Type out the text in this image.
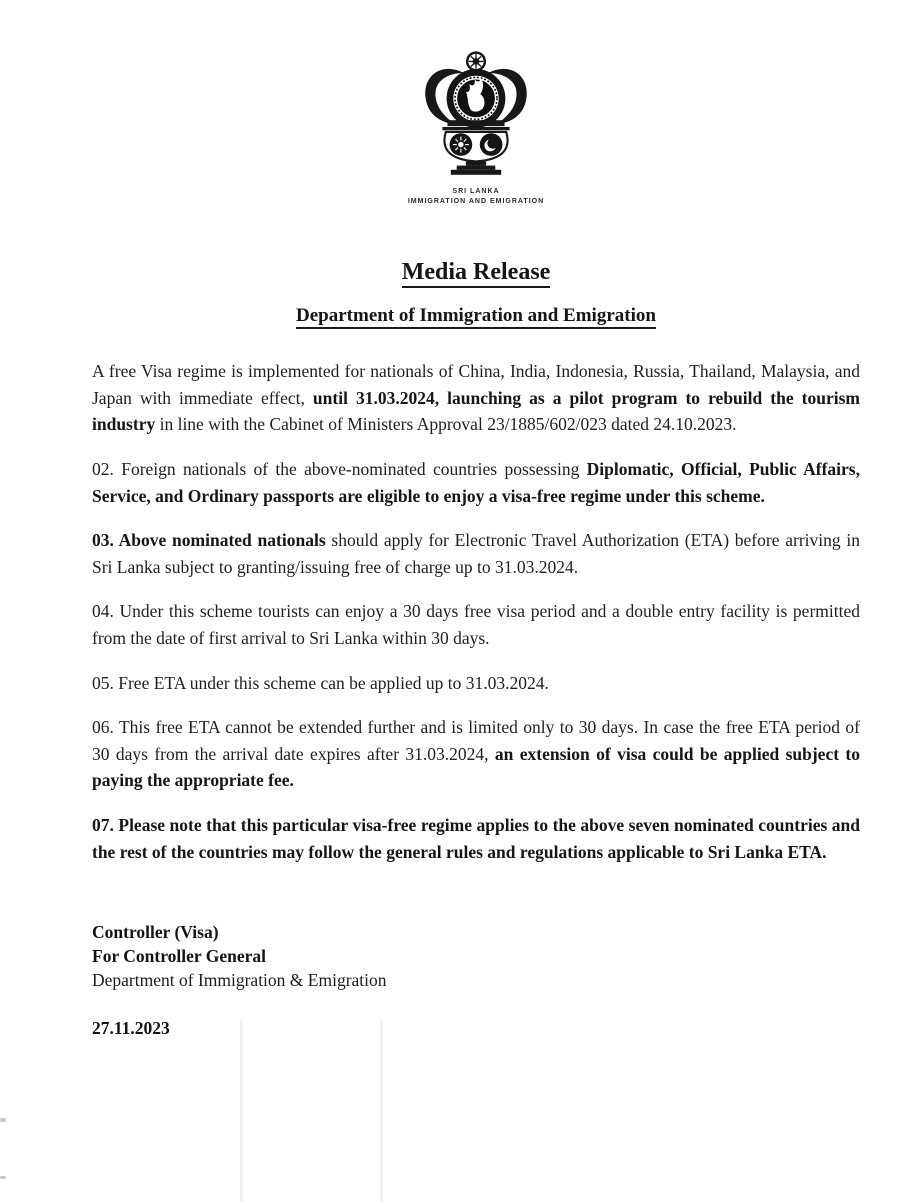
SRI LANKA
IMMIGRATION AND EMIGRATION
Media Release
Department of Immigration and Emigration

A free Visa regime is implemented for nationals of China, India, Indonesia, Russia, Thailand, Malaysia, and Japan with immediate effect, until 31.03.2024, launching as a pilot program to rebuild the tourism industry in line with the Cabinet of Ministers Approval 23/1885/602/023 dated 24.10.2023.

02. Foreign nationals of the above-nominated countries possessing Diplomatic, Official, Public Affairs, Service, and Ordinary passports are eligible to enjoy a visa-free regime under this scheme.

03. Above nominated nationals should apply for Electronic Travel Authorization (ETA) before arriving in Sri Lanka subject to granting/issuing free of charge up to 31.03.2024.

04. Under this scheme tourists can enjoy a 30 days free visa period and a double entry facility is permitted from the date of first arrival to Sri Lanka within 30 days.

05. Free ETA under this scheme can be applied up to 31.03.2024.

06. This free ETA cannot be extended further and is limited only to 30 days. In case the free ETA period of 30 days from the arrival date expires after 31.03.2024, an extension of visa could be applied subject to paying the appropriate fee.

07. Please note that this particular visa-free regime applies to the above seven nominated countries and the rest of the countries may follow the general rules and regulations applicable to Sri Lanka ETA.

Controller (Visa)
For Controller General
Department of Immigration & Emigration
27.11.2023
